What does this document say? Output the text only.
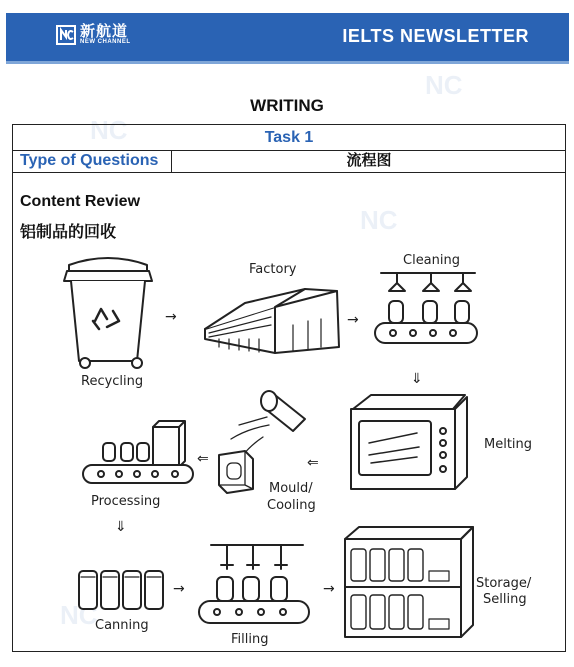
NC
NC
NC
NC
新航道
NEW CHANNEL	IELTS NEWSLETTER
WRITING
Task 1
Type of Questions	流程图
Content Review
铝制品的回收
→	→
⇓
⇐
⇐
⇓
→	→
Recycling
Factory
Cleaning
Melting
Mould/
Cooling
Processing
Canning
Filling
Storage/
Selling
